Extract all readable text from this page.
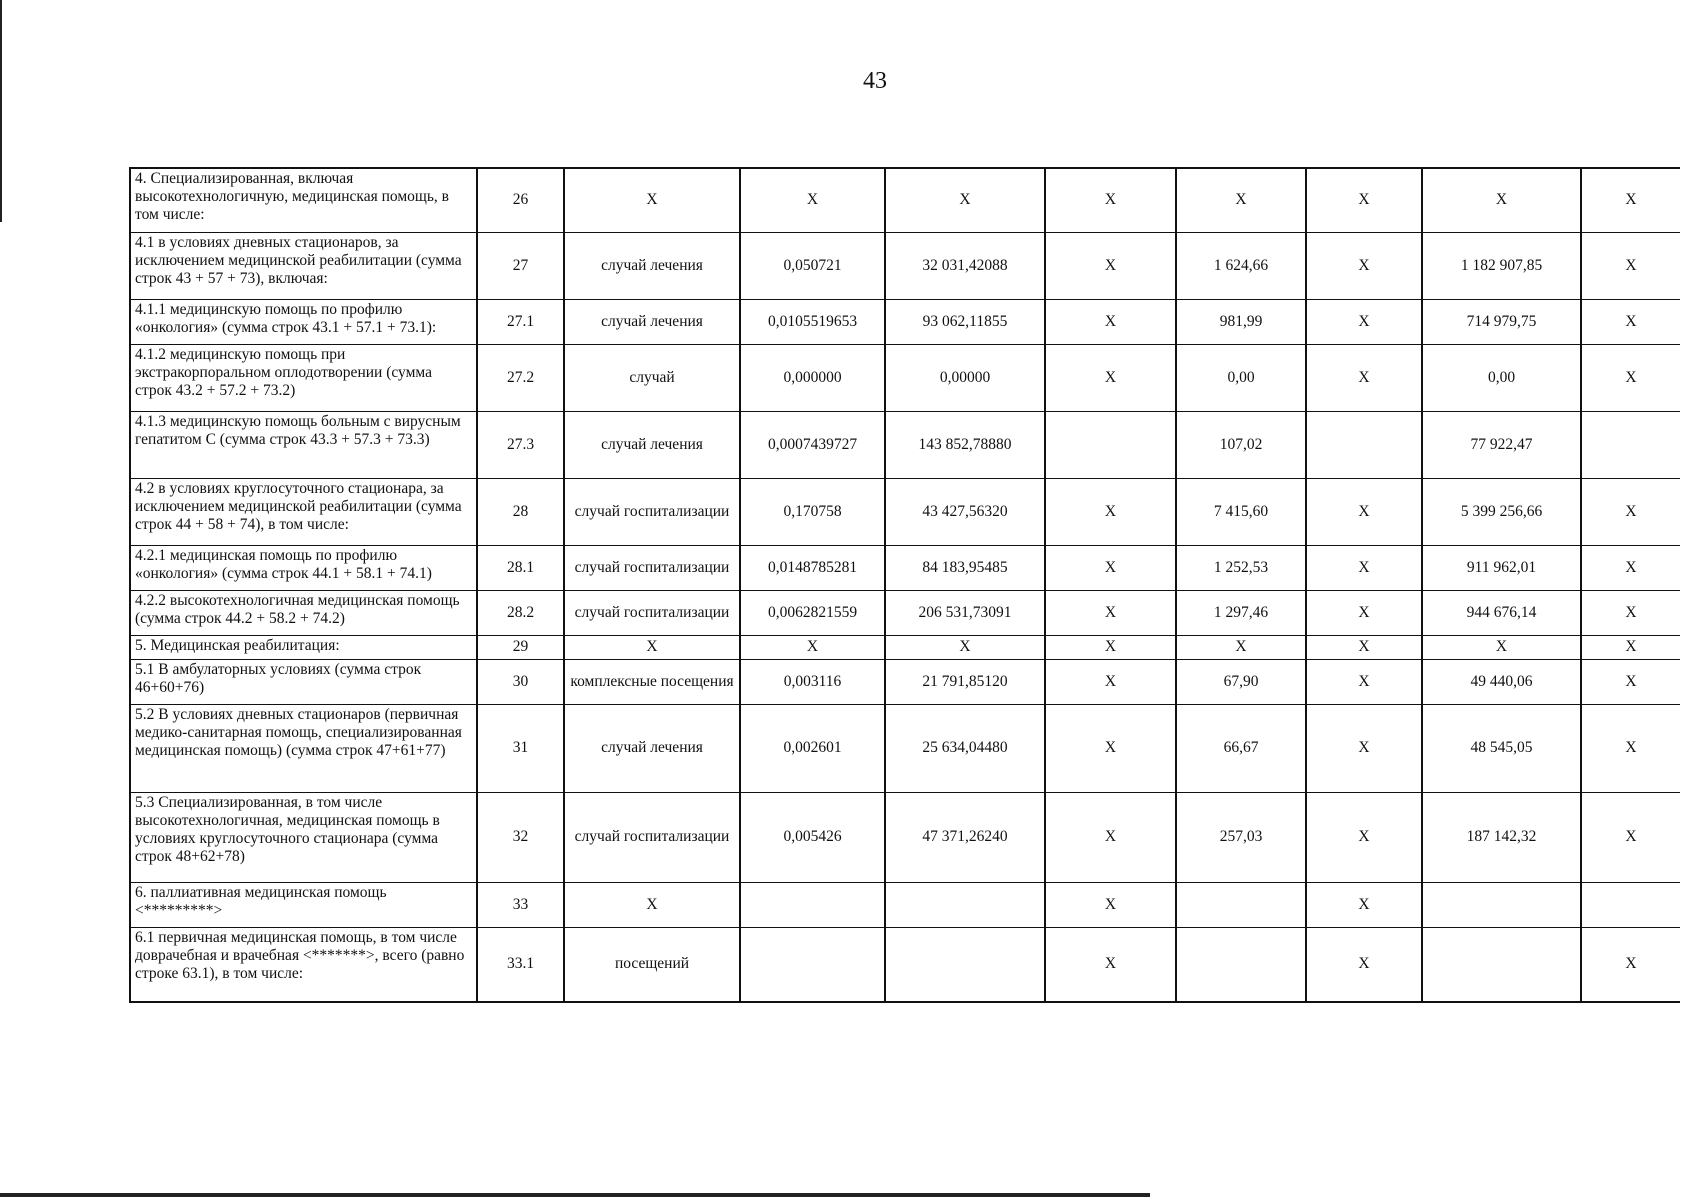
43
4. Специализированная, включая высокотехнологичную, медицинская помощь, в том числе:	26	X	X	X	X	X	X	X	X
4.1 в условиях дневных стационаров, за исключением медицинской реабилитации (сумма строк 43 + 57 + 73), включая:	27	случай лечения	0,050721	32 031,42088	X	1 624,66	X	1 182 907,85	X
4.1.1 медицинскую помощь по профилю «онкология» (сумма строк 43.1 + 57.1 + 73.1):	27.1	случай лечения	0,0105519653	93 062,11855	X	981,99	X	714 979,75	X
4.1.2 медицинскую помощь при экстракорпоральном оплодотворении (сумма строк 43.2 + 57.2 + 73.2)	27.2	случай	0,000000	0,00000	X	0,00	X	0,00	X
4.1.3 медицинскую помощь больным с вирусным гепатитом С (сумма строк 43.3 + 57.3 + 73.3)	27.3	случай лечения	0,0007439727	143 852,78880		107,02		77 922,47	
4.2 в условиях круглосуточного стационара, за исключением медицинской реабилитации (сумма строк 44 + 58 + 74), в том числе:	28	случай госпитализации	0,170758	43 427,56320	X	7 415,60	X	5 399 256,66	X
4.2.1 медицинская помощь по профилю «онкология» (сумма строк 44.1 + 58.1 + 74.1)	28.1	случай госпитализации	0,0148785281	84 183,95485	X	1 252,53	X	911 962,01	X
4.2.2 высокотехнологичная медицинская помощь (сумма строк 44.2 + 58.2 + 74.2)	28.2	случай госпитализации	0,0062821559	206 531,73091	X	1 297,46	X	944 676,14	X
5. Медицинская реабилитация:	29	X	X	X	X	X	X	X	X
5.1 В амбулаторных условиях (сумма строк 46+60+76)	30	комплексные посещения	0,003116	21 791,85120	X	67,90	X	49 440,06	X
5.2 В условиях дневных стационаров (первичная медико-санитарная помощь, специализированная медицинская помощь) (сумма строк 47+61+77)	31	случай лечения	0,002601	25 634,04480	X	66,67	X	48 545,05	X
5.3 Специализированная, в том числе высокотехнологичная, медицинская помощь в условиях круглосуточного стационара (сумма строк 48+62+78)	32	случай госпитализации	0,005426	47 371,26240	X	257,03	X	187 142,32	X
6. паллиативная медицинская помощь <*********>	33	X			X		X		
6.1 первичная медицинская помощь, в том числе доврачебная и врачебная <*******>, всего (равно строке 63.1), в том числе:	33.1	посещений			X		X		X
